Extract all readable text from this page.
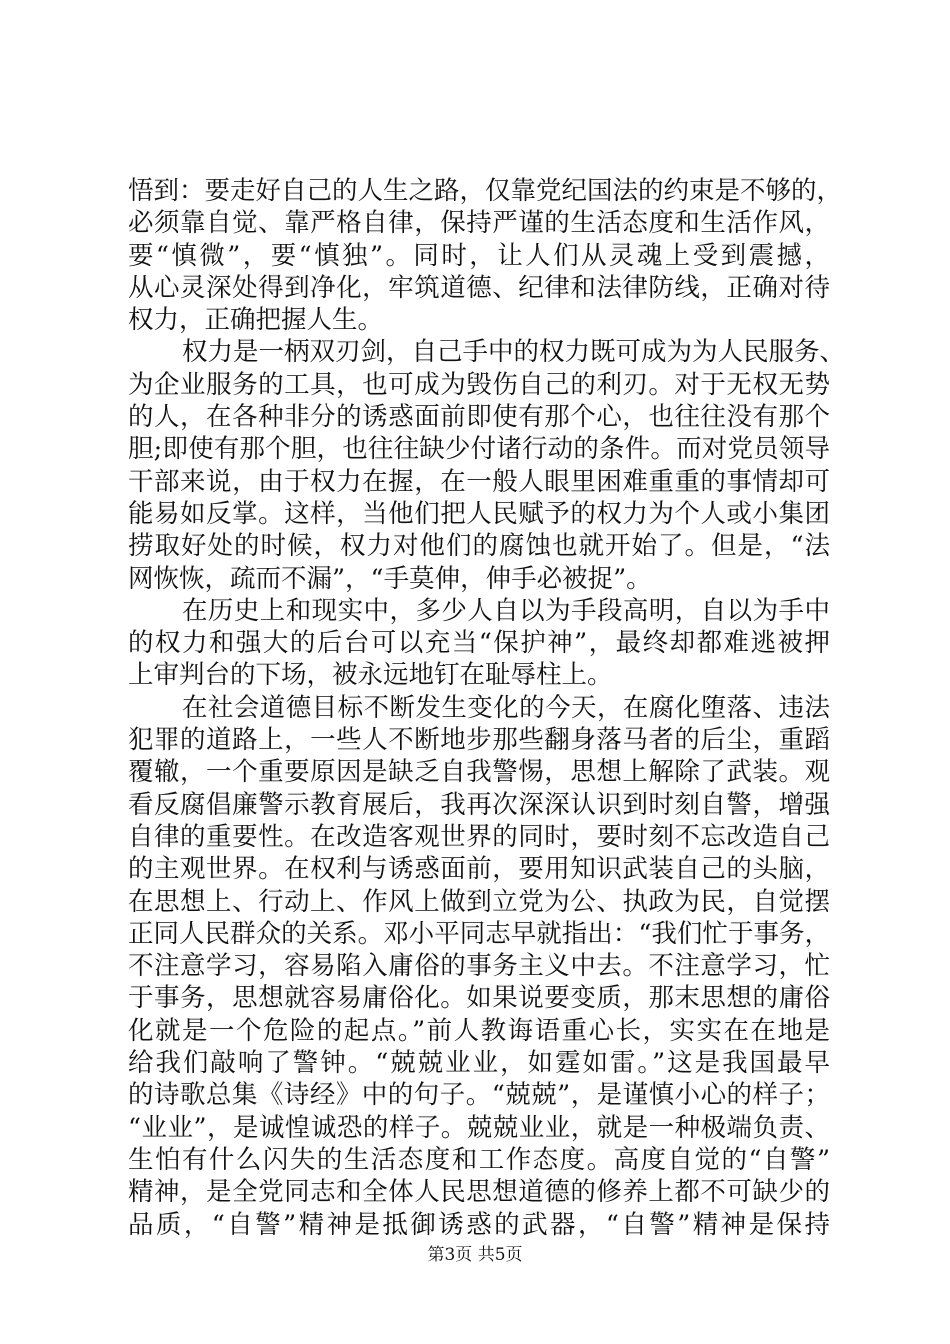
悟到：要走好自己的人生之路，仅靠党纪国法的约束是不够的，
必须靠自觉、靠严格自律，保持严谨的生活态度和生活作风，
要“慎微”，要“慎独”。同时，让人们从灵魂上受到震撼，
从心灵深处得到净化，牢筑道德、纪律和法律防线，正确对待
权力，正确把握人生。
权力是一柄双刃剑，自己手中的权力既可成为为人民服务、
为企业服务的工具，也可成为毁伤自己的利刃。对于无权无势
的人，在各种非分的诱惑面前即使有那个心，也往往没有那个
胆;即使有那个胆，也往往缺少付诸行动的条件。而对党员领导
干部来说，由于权力在握，在一般人眼里困难重重的事情却可
能易如反掌。这样，当他们把人民赋予的权力为个人或小集团
捞取好处的时候，权力对他们的腐蚀也就开始了。但是，“法
网恢恢，疏而不漏”，“手莫伸，伸手必被捉”。
在历史上和现实中，多少人自以为手段高明，自以为手中
的权力和强大的后台可以充当“保护神”，最终却都难逃被押
上审判台的下场，被永远地钉在耻辱柱上。
在社会道德目标不断发生变化的今天，在腐化堕落、违法
犯罪的道路上，一些人不断地步那些翻身落马者的后尘，重蹈
覆辙，一个重要原因是缺乏自我警惕，思想上解除了武装。观
看反腐倡廉警示教育展后，我再次深深认识到时刻自警，增强
自律的重要性。在改造客观世界的同时，要时刻不忘改造自己
的主观世界。在权利与诱惑面前，要用知识武装自己的头脑，
在思想上、行动上、作风上做到立党为公、执政为民，自觉摆
正同人民群众的关系。邓小平同志早就指出：“我们忙于事务，
不注意学习，容易陷入庸俗的事务主义中去。不注意学习，忙
于事务，思想就容易庸俗化。如果说要变质，那末思想的庸俗
化就是一个危险的起点。”前人教诲语重心长，实实在在地是
给我们敲响了警钟。“兢兢业业，如霆如雷。”这是我国最早
的诗歌总集《诗经》中的句子。“兢兢”，是谨慎小心的样子；
“业业”，是诚惶诚恐的样子。兢兢业业，就是一种极端负责、
生怕有什么闪失的生活态度和工作态度。高度自觉的“自警”
精神，是全党同志和全体人民思想道德的修养上都不可缺少的
品质，“自警”精神是抵御诱惑的武器，“自警”精神是保持
第3页 共5页
